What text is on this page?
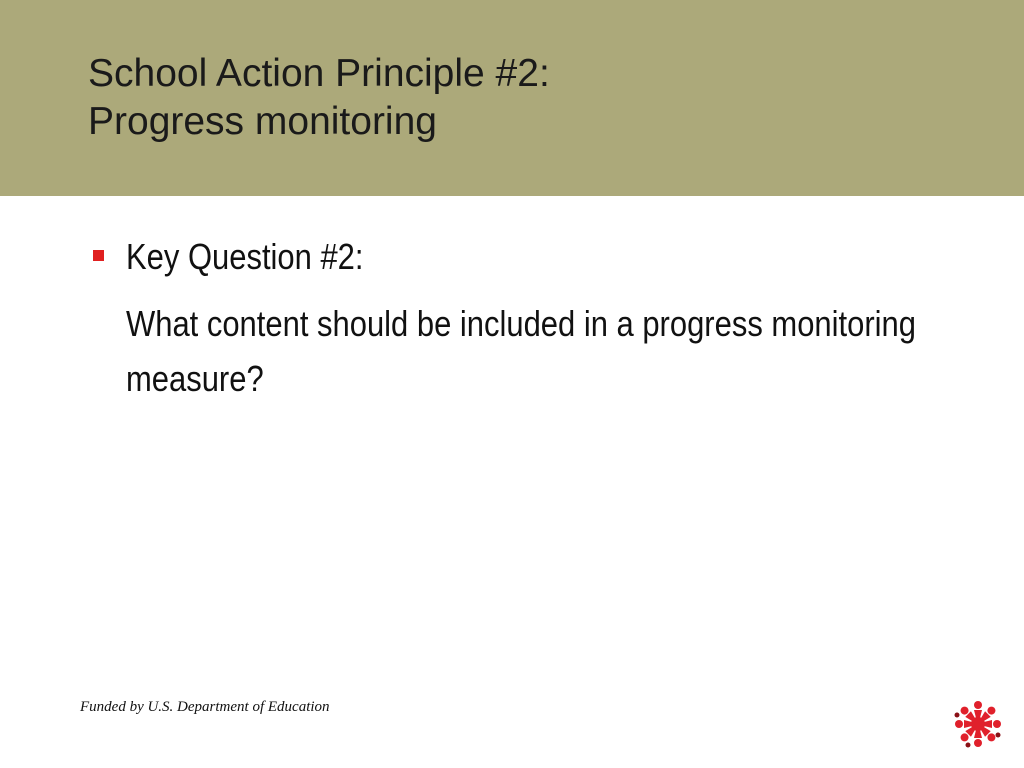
School Action Principle #2:
Progress monitoring
Key Question #2:
What content should be included in a progress monitoring measure?
Funded by U.S. Department of Education
